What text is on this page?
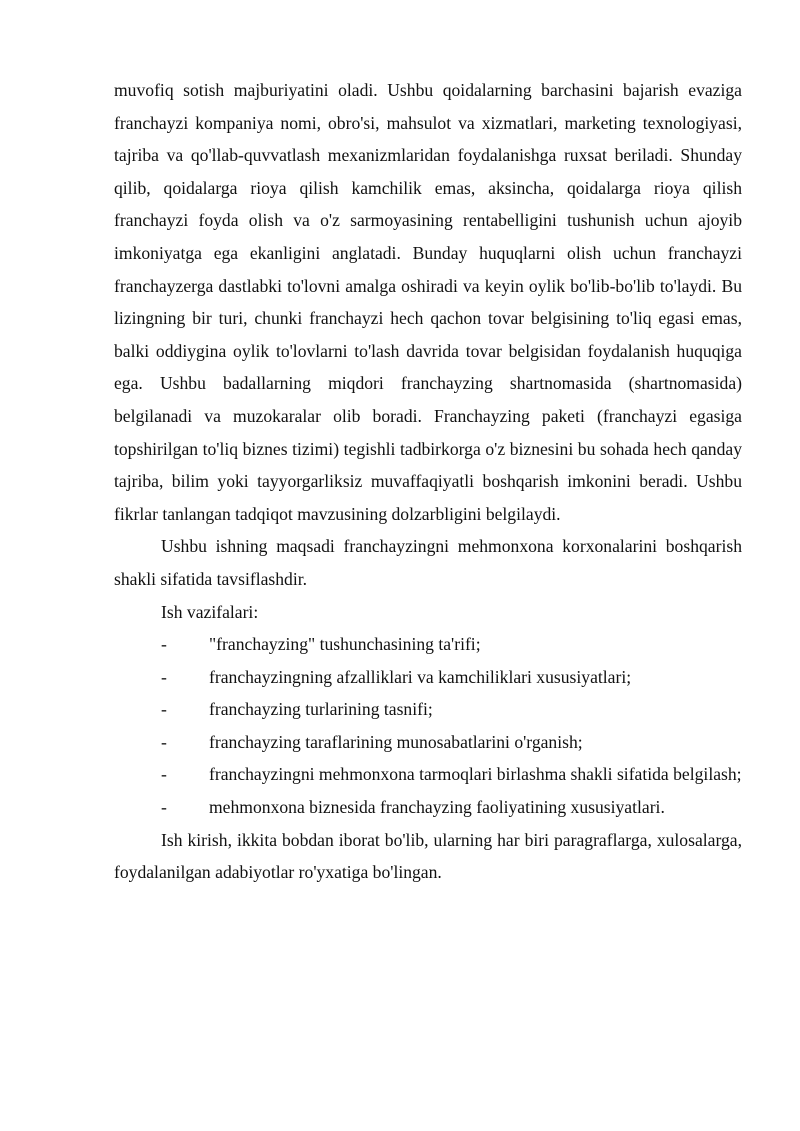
muvofiq sotish majburiyatini oladi. Ushbu qoidalarning barchasini bajarish evaziga franchayzi kompaniya nomi, obro'si, mahsulot va xizmatlari, marketing texnologiyasi, tajriba va qo'llab-quvvatlash mexanizmlaridan foydalanishga ruxsat beriladi. Shunday qilib, qoidalarga rioya qilish kamchilik emas, aksincha, qoidalarga rioya qilish franchayzi foyda olish va o'z sarmoyasining rentabelligini tushunish uchun ajoyib imkoniyatga ega ekanligini anglatadi. Bunday huquqlarni olish uchun franchayzi franchayzerga dastlabki to'lovni amalga oshiradi va keyin oylik bo'lib-bo'lib to'laydi. Bu lizingning bir turi, chunki franchayzi hech qachon tovar belgisining to'liq egasi emas, balki oddiygina oylik to'lovlarni to'lash davrida tovar belgisidan foydalanish huquqiga ega. Ushbu badallarning miqdori franchayzing shartnomasida (shartnomasida) belgilanadi va muzokaralar olib boradi. Franchayzing paketi (franchayzi egasiga topshirilgan to'liq biznes tizimi) tegishli tadbirkorga o'z biznesini bu sohada hech qanday tajriba, bilim yoki tayyorgarliksiz muvaffaqiyatli boshqarish imkonini beradi. Ushbu fikrlar tanlangan tadqiqot mavzusining dolzarbligini belgilaydi.

Ushbu ishning maqsadi franchayzingni mehmonxona korxonalarini boshqarish shakli sifatida tavsiflashdir.

Ish vazifalari:

-	"franchayzing" tushunchasining ta'rifi;
-	franchayzingning afzalliklari va kamchiliklari xususiyatlari;
-	franchayzing turlarining tasnifi;
-	franchayzing taraflarining munosabatlarini o'rganish;
-	franchayzingni mehmonxona tarmoqlari birlashma shakli sifatida belgilash;
-	mehmonxona biznesida franchayzing faoliyatining xususiyatlari.

Ish kirish, ikkita bobdan iborat bo'lib, ularning har biri paragraflarga, xulosalarga, foydalanilgan adabiyotlar ro'yxatiga bo'lingan.
